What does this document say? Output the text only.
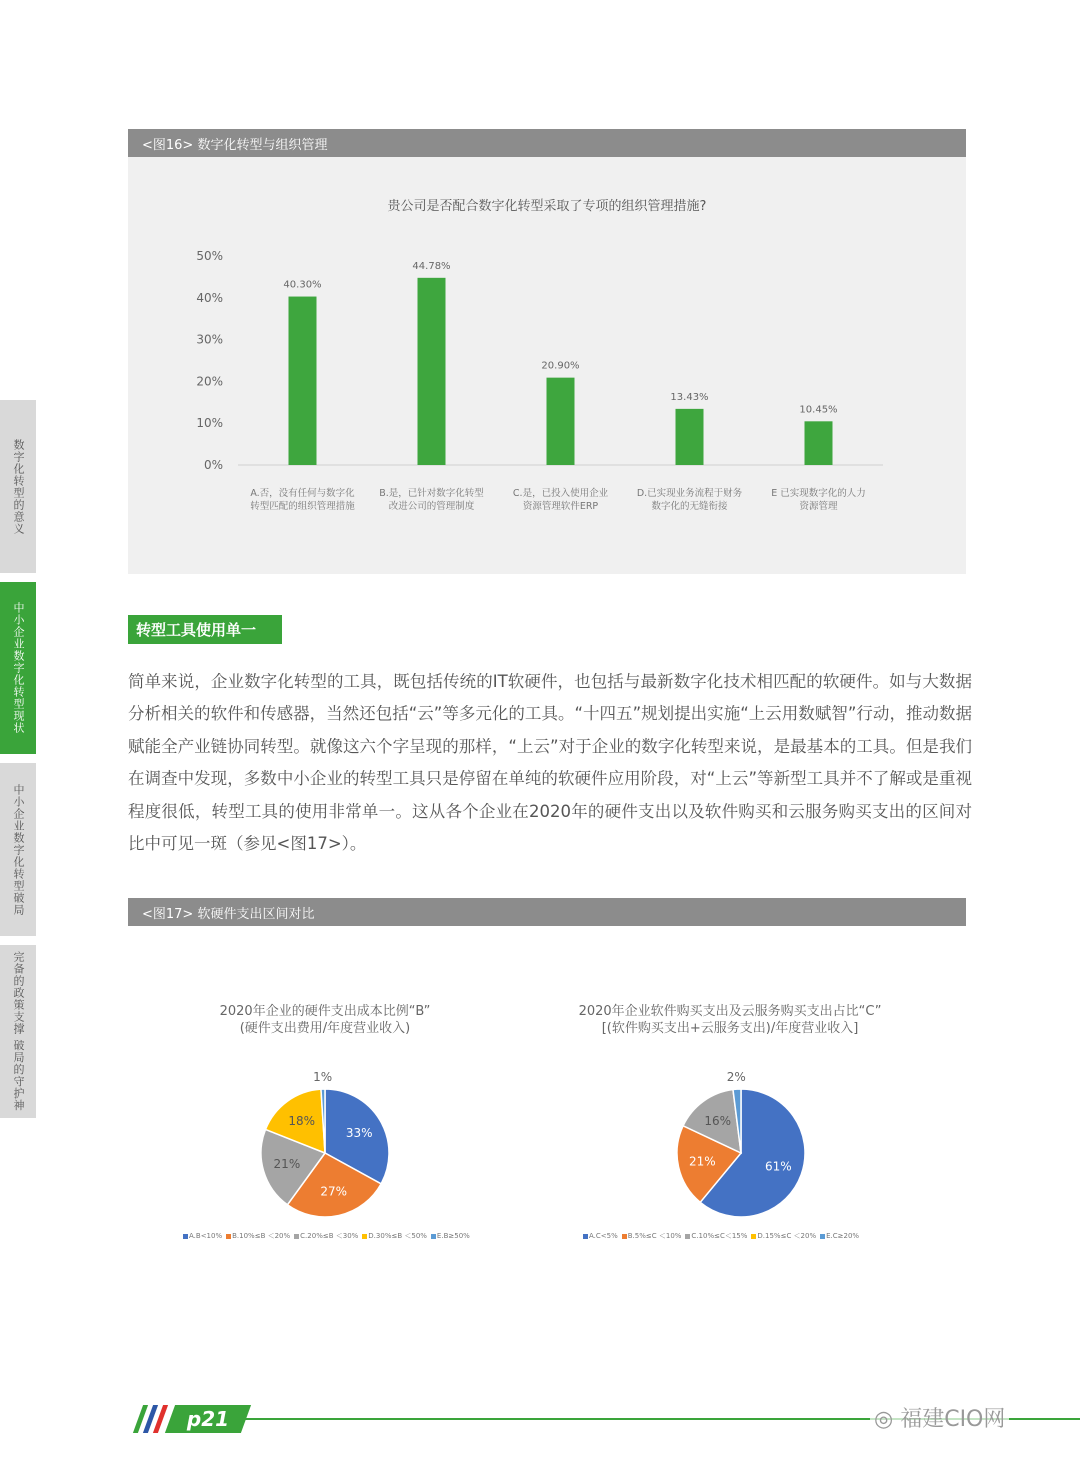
数字化转型的意义
中小企业数字化转型现状
中小企业数字化转型破局
完备的政策支撑 破局的守护神
<图16> 数字化转型与组织管理
贵公司是否配合数字化转型采取了专项的组织管理措施?
0%
10%
20%
30%
40%
50%
40.30%
A.否，没有任何与数字化
转型匹配的组织管理措施
44.78%
B.是，已针对数字化转型
改进公司的管理制度
20.90%
C.是，已投入使用企业
资源管理软件ERP
13.43%
D.已实现业务流程于财务
数字化的无缝衔接
10.45%
E 已实现数字化的人力
资源管理
转型工具使用单一
简单来说，企业数字化转型的工具，既包括传统的IT软硬件，也包括与最新数字化技术相匹配的软硬件。如与大数据分析相关的软件和传感器，当然还包括“云”等多元化的工具。“十四五”规划提出实施“上云用数赋智”行动，推动数据赋能全产业链协同转型。就像这六个字呈现的那样，“上云”对于企业的数字化转型来说，是最基本的工具。但是我们在调查中发现，多数中小企业的转型工具只是停留在单纯的软硬件应用阶段，对“上云”等新型工具并不了解或是重视程度很低，转型工具的使用非常单一。这从各个企业在2020年的硬件支出以及软件购买和云服务购买支出的区间对比中可见一斑（参见<图17>）。
<图17> 软硬件支出区间对比
2020年企业的硬件支出成本比例“B”
(硬件支出费用/年度营业收入)
2020年企业软件购买支出及云服务购买支出占比“C”
[(软件购买支出+云服务支出)/年度营业收入]
33%
27%
21%
18%
1%
61%
21%
16%
2%
A.B<10% B.10%≤B ＜20% C.20%≤B ＜30% D.30%≤B ＜50% E.B≥50%	A.C<5% B.5%≤C ＜10% C.10%≤C＜15% D.15%≤C ＜20% E.C≥20%
p21	◎ 福建CIO网
